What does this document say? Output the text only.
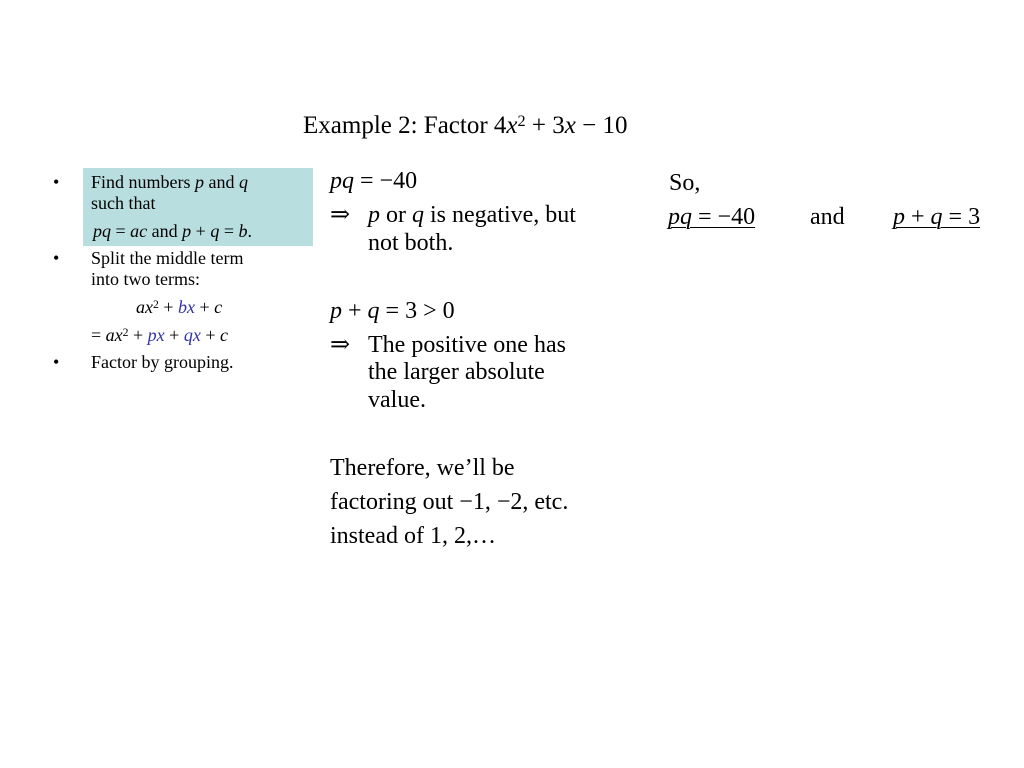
Example 2: Factor $4x^2 + 3x - 10$
• Find numbers p and q
such that
pq = ac and p + q = b.
• Split the middle term
into two terms:
$ax^2$ + bx + c
= $ax^2$ + px + qx + c
• Factor by grouping.
pq = −40
⇒ p or q is negative, but
not both.
p + q = 3 > 0
⇒ The positive one has
the larger absolute
value.
Therefore, we’ll be
factoring out −1, −2, etc.
instead of 1, 2,…
So,
pq = −40 and p + q = 3
